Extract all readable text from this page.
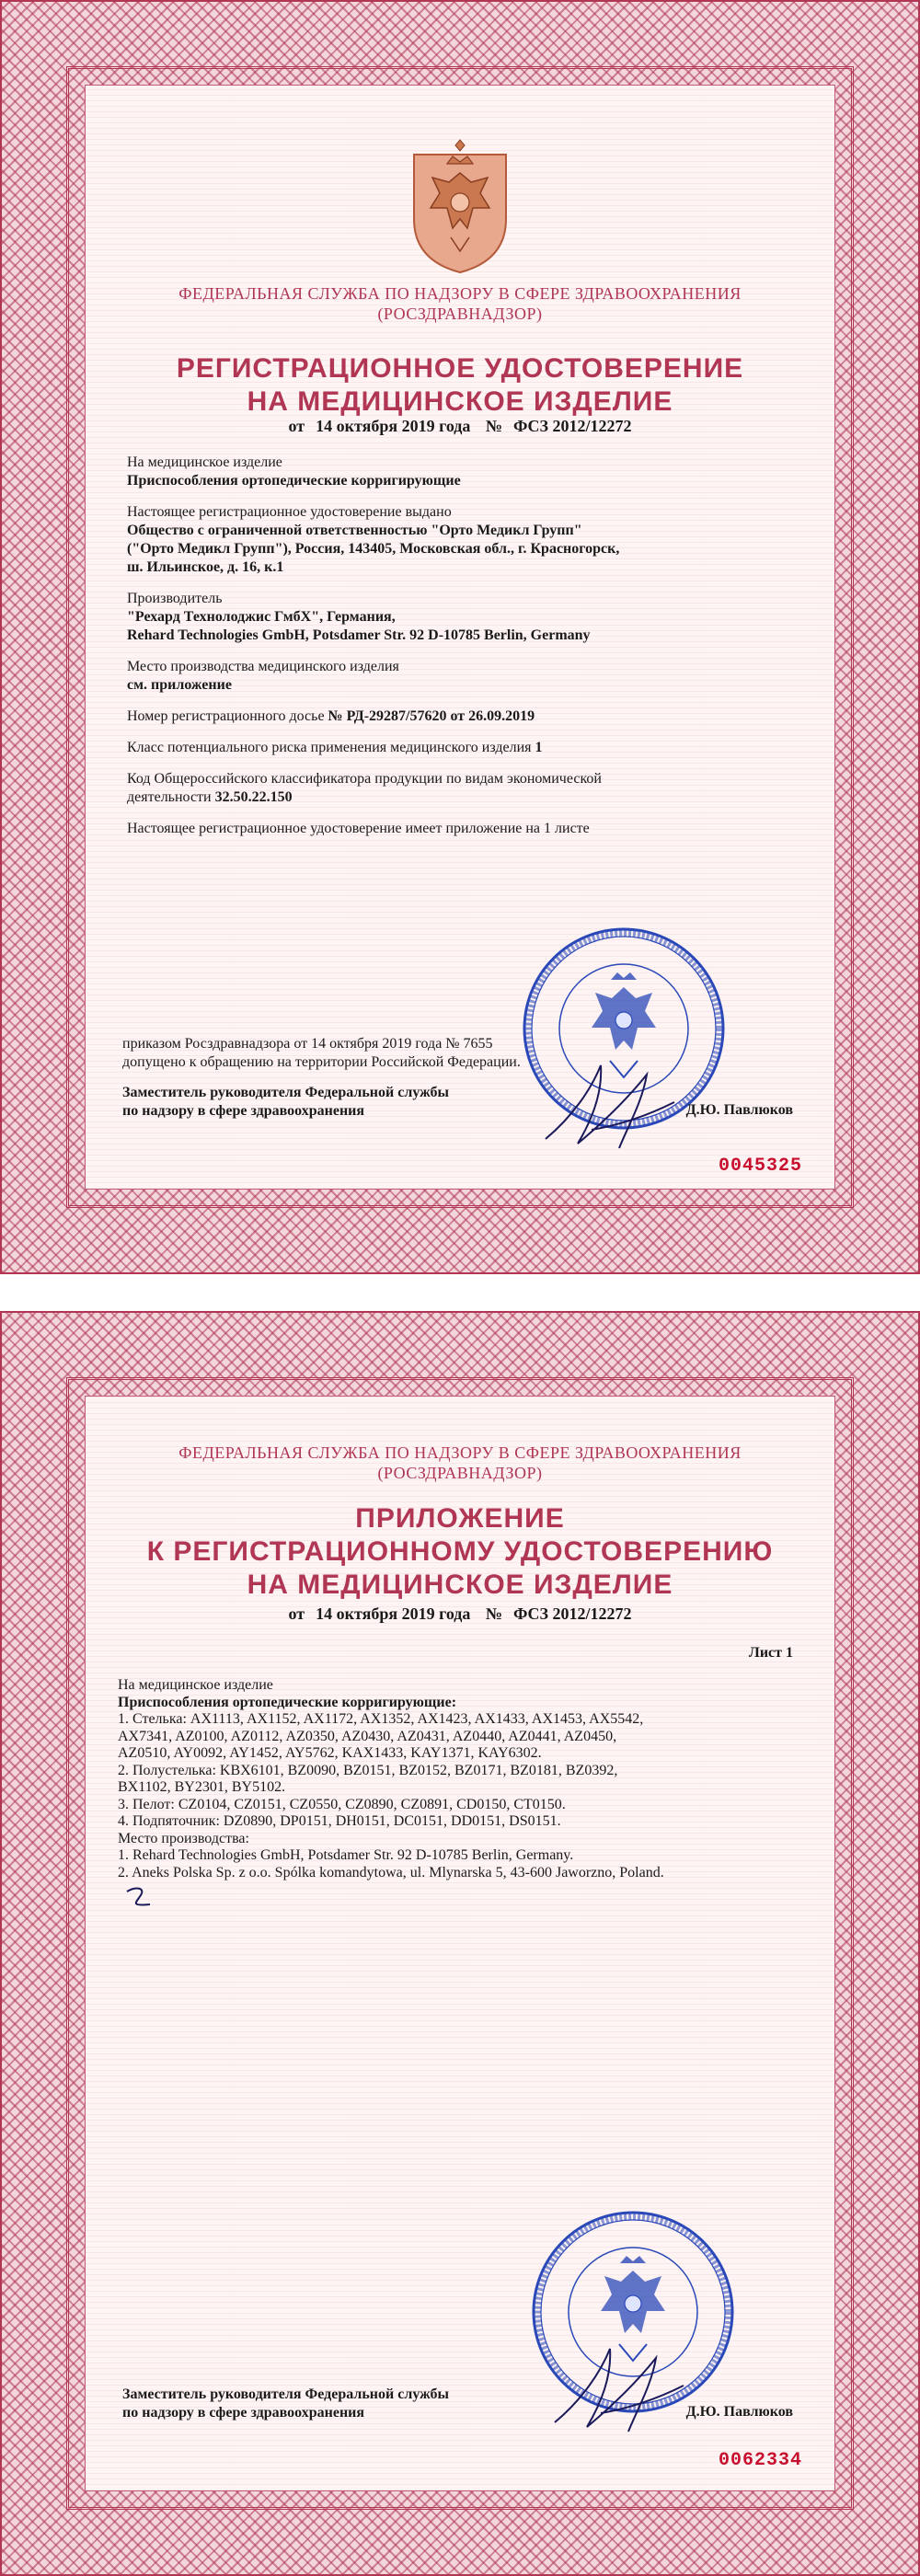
ФЕДЕРАЛЬНАЯ СЛУЖБА ПО НАДЗОРУ В СФЕРЕ ЗДРАВООХРАНЕНИЯ
(РОСЗДРАВНАДЗОР)
РЕГИСТРАЦИОННОЕ УДОСТОВЕРЕНИЕ
НА МЕДИЦИНСКОЕ ИЗДЕЛИЕ
от 14 октября 2019 года № ФСЗ 2012/12272
На медицинское изделие
Приспособления ортопедические корригирующие
Настоящее регистрационное удостоверение выдано
Общество с ограниченной ответственностью "Орто Медикл Групп"
("Орто Медикл Групп"), Россия, 143405, Московская обл., г. Красногорск,
ш. Ильинское, д. 16, к.1
Производитель
"Рехард Технолоджис ГмбХ", Германия,
Rehard Technologies GmbH, Potsdamer Str. 92 D-10785 Berlin, Germany
Место производства медицинского изделия
см. приложение
Номер регистрационного досье № РД-29287/57620 от 26.09.2019
Класс потенциального риска применения медицинского изделия 1
Код Общероссийского классификатора продукции по видам экономической
деятельности 32.50.22.150
Настоящее регистрационное удостоверение имеет приложение на 1 листе
приказом Росздравнадзора от 14 октября 2019 года № 7655
допущено к обращению на территории Российской Федерации.
Заместитель руководителя Федеральной службы
по надзору в сфере здравоохранения	Д.Ю. Павлюков
0045325
ФЕДЕРАЛЬНАЯ СЛУЖБА ПО НАДЗОРУ В СФЕРЕ ЗДРАВООХРАНЕНИЯ
(РОСЗДРАВНАДЗОР)
ПРИЛОЖЕНИЕ
К РЕГИСТРАЦИОННОМУ УДОСТОВЕРЕНИЮ
НА МЕДИЦИНСКОЕ ИЗДЕЛИЕ
от 14 октября 2019 года № ФСЗ 2012/12272
Лист 1
На медицинское изделие
Приспособления ортопедические корригирующие:
1. Стелька: AX1113, AX1152, AX1172, AX1352, AX1423, AX1433, AX1453, AX5542,
AX7341, AZ0100, AZ0112, AZ0350, AZ0430, AZ0431, AZ0440, AZ0441, AZ0450,
AZ0510, AY0092, AY1452, AY5762, KAX1433, KAY1371, KAY6302.
2. Полустелька: KBX6101, BZ0090, BZ0151, BZ0152, BZ0171, BZ0181, BZ0392,
BX1102, BY2301, BY5102.
3. Пелот: CZ0104, CZ0151, CZ0550, CZ0890, CZ0891, CD0150, CT0150.
4. Подпяточник: DZ0890, DP0151, DH0151, DC0151, DD0151, DS0151.
Место производства:
1. Rehard Technologies GmbH, Potsdamer Str. 92 D-10785 Berlin, Germany.
2. Aneks Polska Sp. z o.o. Spólka komandytowa, ul. Mlynarska 5, 43-600 Jaworzno, Poland.
Заместитель руководителя Федеральной службы
по надзору в сфере здравоохранения	Д.Ю. Павлюков
0062334
